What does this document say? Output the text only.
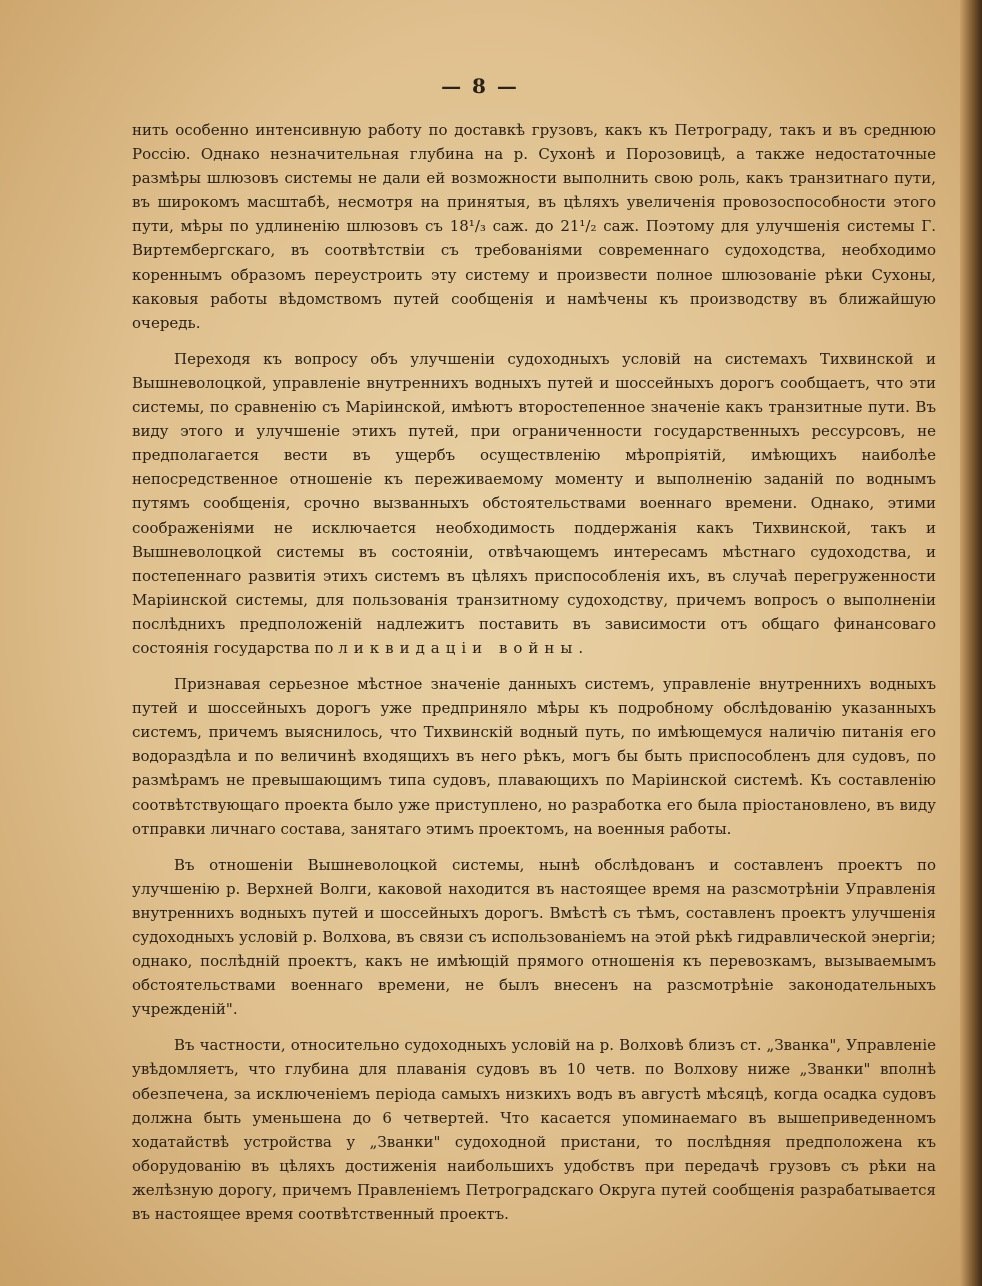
— 8 —

нить особенно интенсивную работу по доставкѣ грузовъ, какъ къ Петрограду, такъ и въ среднюю Россію. Однако незначительная глубина на р. Сухонѣ и Порозовицѣ, а также недостаточные размѣры шлюзовъ системы не дали ей возможности выполнить свою роль, какъ транзитнаго пути, въ широкомъ масштабѣ, несмотря на принятыя, въ цѣляхъ увеличенія провозоспособности этого пути, мѣры по удлиненію шлюзовъ съ 18¹/₃ саж. до 21¹/₂ саж. Поэтому для улучшенія системы Г. Виртембергскаго, въ соотвѣтствіи съ требованіями современнаго судоходства, необходимо кореннымъ образомъ переустроить эту систему и произвести полное шлюзованіе рѣки Сухоны, каковыя работы вѣдомствомъ путей сообщенія и намѣчены къ производству въ ближайшую очередь.

Переходя къ вопросу объ улучшеніи судоходныхъ условій на системахъ Тихвинской и Вышневолоцкой, управленіе внутреннихъ водныхъ путей и шоссейныхъ дорогъ сообщаетъ, что эти системы, по сравненію съ Маріинской, имѣютъ второстепенное значеніе какъ транзитные пути. Въ виду этого и улучшеніе этихъ путей, при ограниченности государственныхъ рессурсовъ, не предполагается вести въ ущербъ осуществленію мѣропріятій, имѣющихъ наиболѣе непосредственное отношеніе къ переживаемому моменту и выполненію заданій по воднымъ путямъ сообщенія, срочно вызванныхъ обстоятельствами военнаго времени. Однако, этими соображеніями не исключается необходимость поддержанія какъ Тихвинской, такъ и Вышневолоцкой системы въ состояніи, отвѣчающемъ интересамъ мѣстнаго судоходства, и постепеннаго развитія этихъ системъ въ цѣляхъ приспособленія ихъ, въ случаѣ перегруженности Маріинской системы, для пользованія транзитному судоходству, причемъ вопросъ о выполненіи послѣднихъ предположеній надлежитъ поставить въ зависимости отъ общаго финансоваго состоянія государства по ликвидаціи войны.

Признавая серьезное мѣстное значеніе данныхъ системъ, управленіе внутреннихъ водныхъ путей и шоссейныхъ дорогъ уже предприняло мѣры къ подробному обслѣдованію указанныхъ системъ, причемъ выяснилось, что Тихвинскій водный путь, по имѣющемуся наличію питанія его водораздѣла и по величинѣ входящихъ въ него рѣкъ, могъ бы быть приспособленъ для судовъ, по размѣрамъ не превышающимъ типа судовъ, плавающихъ по Маріинской системѣ. Къ составленію соотвѣтствующаго проекта было уже приступлено, но разработка его была пріостановлено, въ виду отправки личнаго состава, занятаго этимъ проектомъ, на военныя работы.

Въ отношеніи Вышневолоцкой системы, нынѣ обслѣдованъ и составленъ проектъ по улучшенію р. Верхней Волги, каковой находится въ настоящее время на разсмотрѣніи Управленія внутреннихъ водныхъ путей и шоссейныхъ дорогъ. Вмѣстѣ съ тѣмъ, составленъ проектъ улучшенія судоходныхъ условій р. Волхова, въ связи съ использованіемъ на этой рѣкѣ гидравлической энергіи; однако, послѣдній проектъ, какъ не имѣющій прямого отношенія къ перевозкамъ, вызываемымъ обстоятельствами военнаго времени, не былъ внесенъ на разсмотрѣніе законодательныхъ учрежденій".

Въ частности, относительно судоходныхъ условій на р. Волховѣ близъ ст. „Званка", Управленіе увѣдомляетъ, что глубина для плаванія судовъ въ 10 четв. по Волхову ниже „Званки" вполнѣ обезпечена, за исключеніемъ періода самыхъ низкихъ водъ въ августѣ мѣсяцѣ, когда осадка судовъ должна быть уменьшена до 6 четвертей. Что касается упоминаемаго въ вышеприведенномъ ходатайствѣ устройства у „Званки" судоходной пристани, то послѣдняя предположена къ оборудованію въ цѣляхъ достиженія наибольшихъ удобствъ при передачѣ грузовъ съ рѣки на желѣзную дорогу, причемъ Правленіемъ Петроградскаго Округа путей сообщенія разрабатывается въ настоящее время соотвѣтственный проектъ.
